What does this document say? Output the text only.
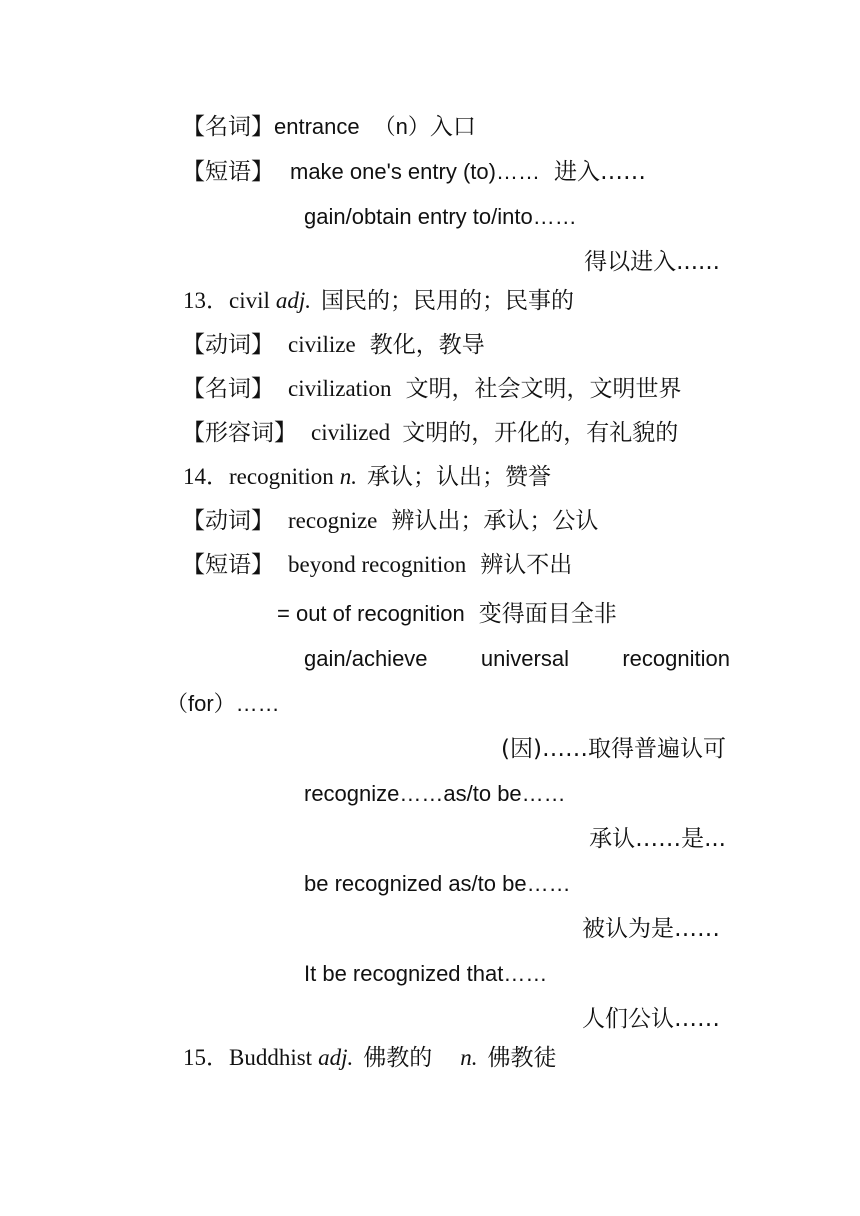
【名词】entrance （n）入口
【短语】 make one's entry (to)…… 进入……
gain/obtain entry to/into……
得以进入......
13．civil adj. 国民的；民用的；民事的
【动词】 civilize 教化，教导
【名词】 civilization 文明，社会文明，文明世界
【形容词】 civilized 文明的，开化的，有礼貌的
14．recognition n. 承认；认出；赞誉
【动词】 recognize 辨认出；承认；公认
【短语】 beyond recognition 辨认不出
= out of recognition 变得面目全非
gain/achieve universal recognition
（for）……
(因)……取得普遍认可
recognize……as/to be……
承认……是...
be recognized as/to be……
被认为是……
It be recognized that……
人们公认……
15．Buddhist adj. 佛教的 n. 佛教徒
